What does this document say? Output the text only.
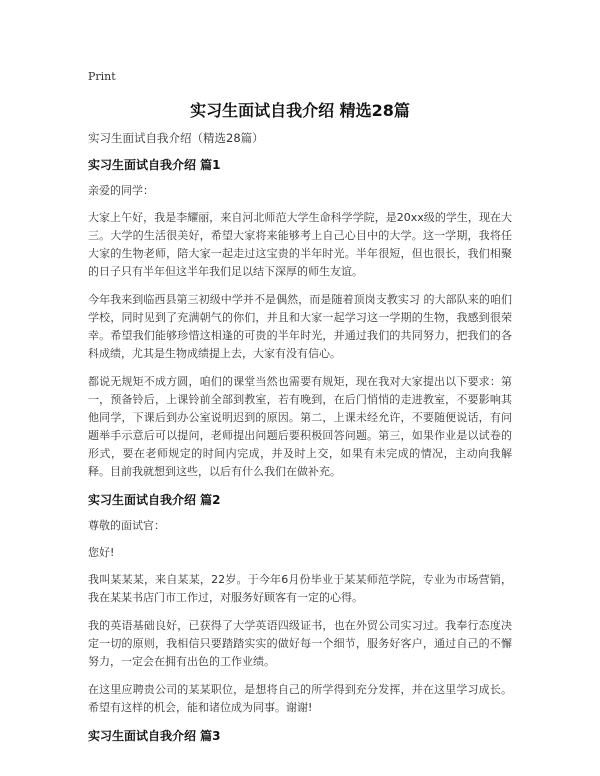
Print
实习生面试自我介绍 精选28篇
实习生面试自我介绍（精选28篇）
实习生面试自我介绍 篇1

亲爱的同学：

大家上午好，我是李耀丽，来自河北师范大学生命科学学院，是20xx级的学生，现在大三。大学的生活很美好，希望大家将来能够考上自己心目中的大学。这一学期，我将任大家的生物老师，陪大家一起走过这宝贵的半年时光。半年很短，但也很长，我们相聚的日子只有半年但这半年我们足以结下深厚的师生友谊。

今年我来到临西县第三初级中学并不是偶然，而是随着顶岗支教实习 的大部队来的咱们学校，同时见到了充满朝气的你们，并且和大家一起学习这一学期的生物，我感到很荣幸。希望我们能够珍惜这相逢的可贵的半年时光，并通过我们的共同努力，把我们的各科成绩，尤其是生物成绩提上去，大家有没有信心。

都说无规矩不成方圆，咱们的课堂当然也需要有规矩，现在我对大家提出以下要求：第一，预备铃后，上课铃前全部到教室，若有晚到，在后门悄悄的走进教室，不要影响其他同学，下课后到办公室说明迟到的原因。第二，上课未经允许，不要随便说话，有问题举手示意后可以提问，老师提出问题后要积极回答问题。第三，如果作业是以试卷的形式，要在老师规定的时间内完成，并及时上交，如果有未完成的情况，主动向我解释。目前我就想到这些，以后有什么我们在做补充。

实习生面试自我介绍 篇2

尊敬的面试官：

您好!

我叫某某某，来自某某，22岁。于今年6月份毕业于某某师范学院，专业为市场营销，我在某某书店门市工作过，对服务好顾客有一定的心得。

我的英语基础良好，已获得了大学英语四级证书，也在外贸公司实习过。我奉行态度决定一切的原则，我相信只要踏踏实实的做好每一个细节，服务好客户，通过自己的不懈努力，一定会在拥有出色的工作业绩。

在这里应聘贵公司的某某职位，是想将自己的所学得到充分发挥，并在这里学习成长。希望有这样的机会，能和诸位成为同事。谢谢!

实习生面试自我介绍 篇3
